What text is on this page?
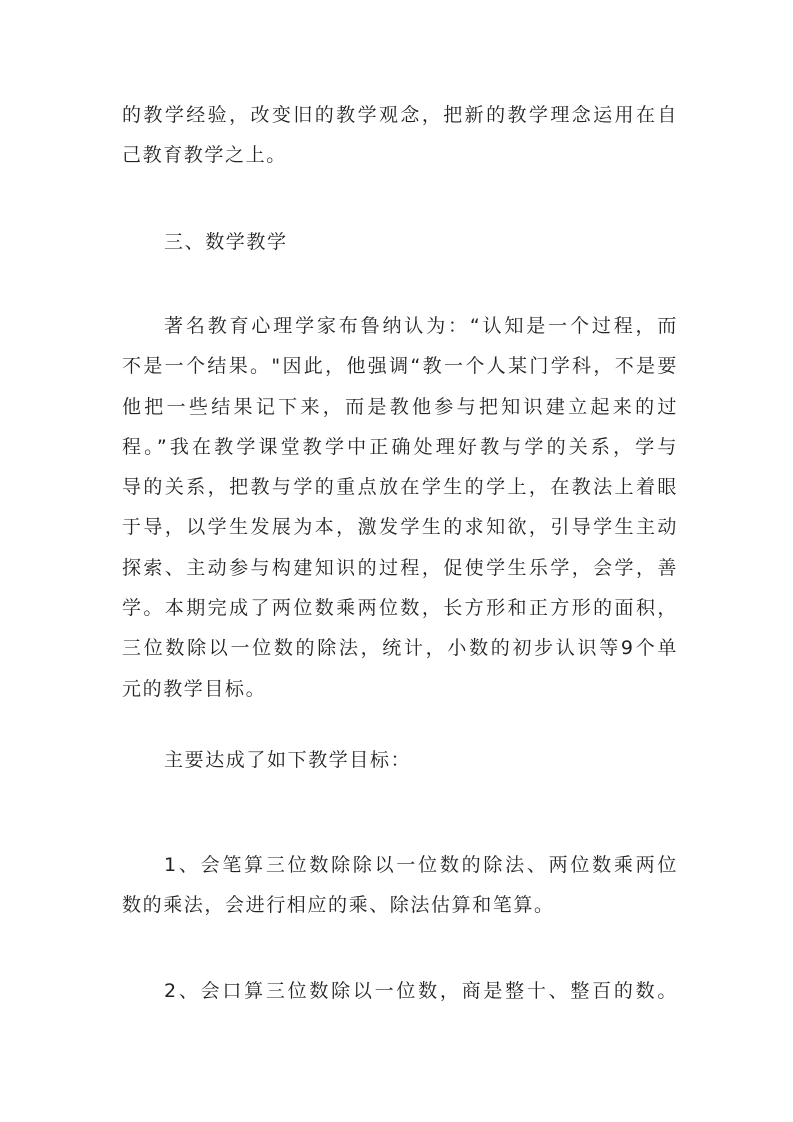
的教学经验，改变旧的教学观念，把新的教学理念运用在自
己教育教学之上。
三、数学教学
著名教育心理学家布鲁纳认为：“认知是一个过程，而
不是一个结果。"因此，他强调“教一个人某门学科，不是要
他把一些结果记下来，而是教他参与把知识建立起来的过
程。”我在教学课堂教学中正确处理好教与学的关系，学与
导的关系，把教与学的重点放在学生的学上，在教法上着眼
于导，以学生发展为本，激发学生的求知欲，引导学生主动
探索、主动参与构建知识的过程，促使学生乐学，会学，善
学。本期完成了两位数乘两位数，长方形和正方形的面积，
三位数除以一位数的除法，统计，小数的初步认识等9个单
元的教学目标。
主要达成了如下教学目标：
1、会笔算三位数除除以一位数的除法、两位数乘两位
数的乘法，会进行相应的乘、除法估算和笔算。
2、会口算三位数除以一位数，商是整十、整百的数。
